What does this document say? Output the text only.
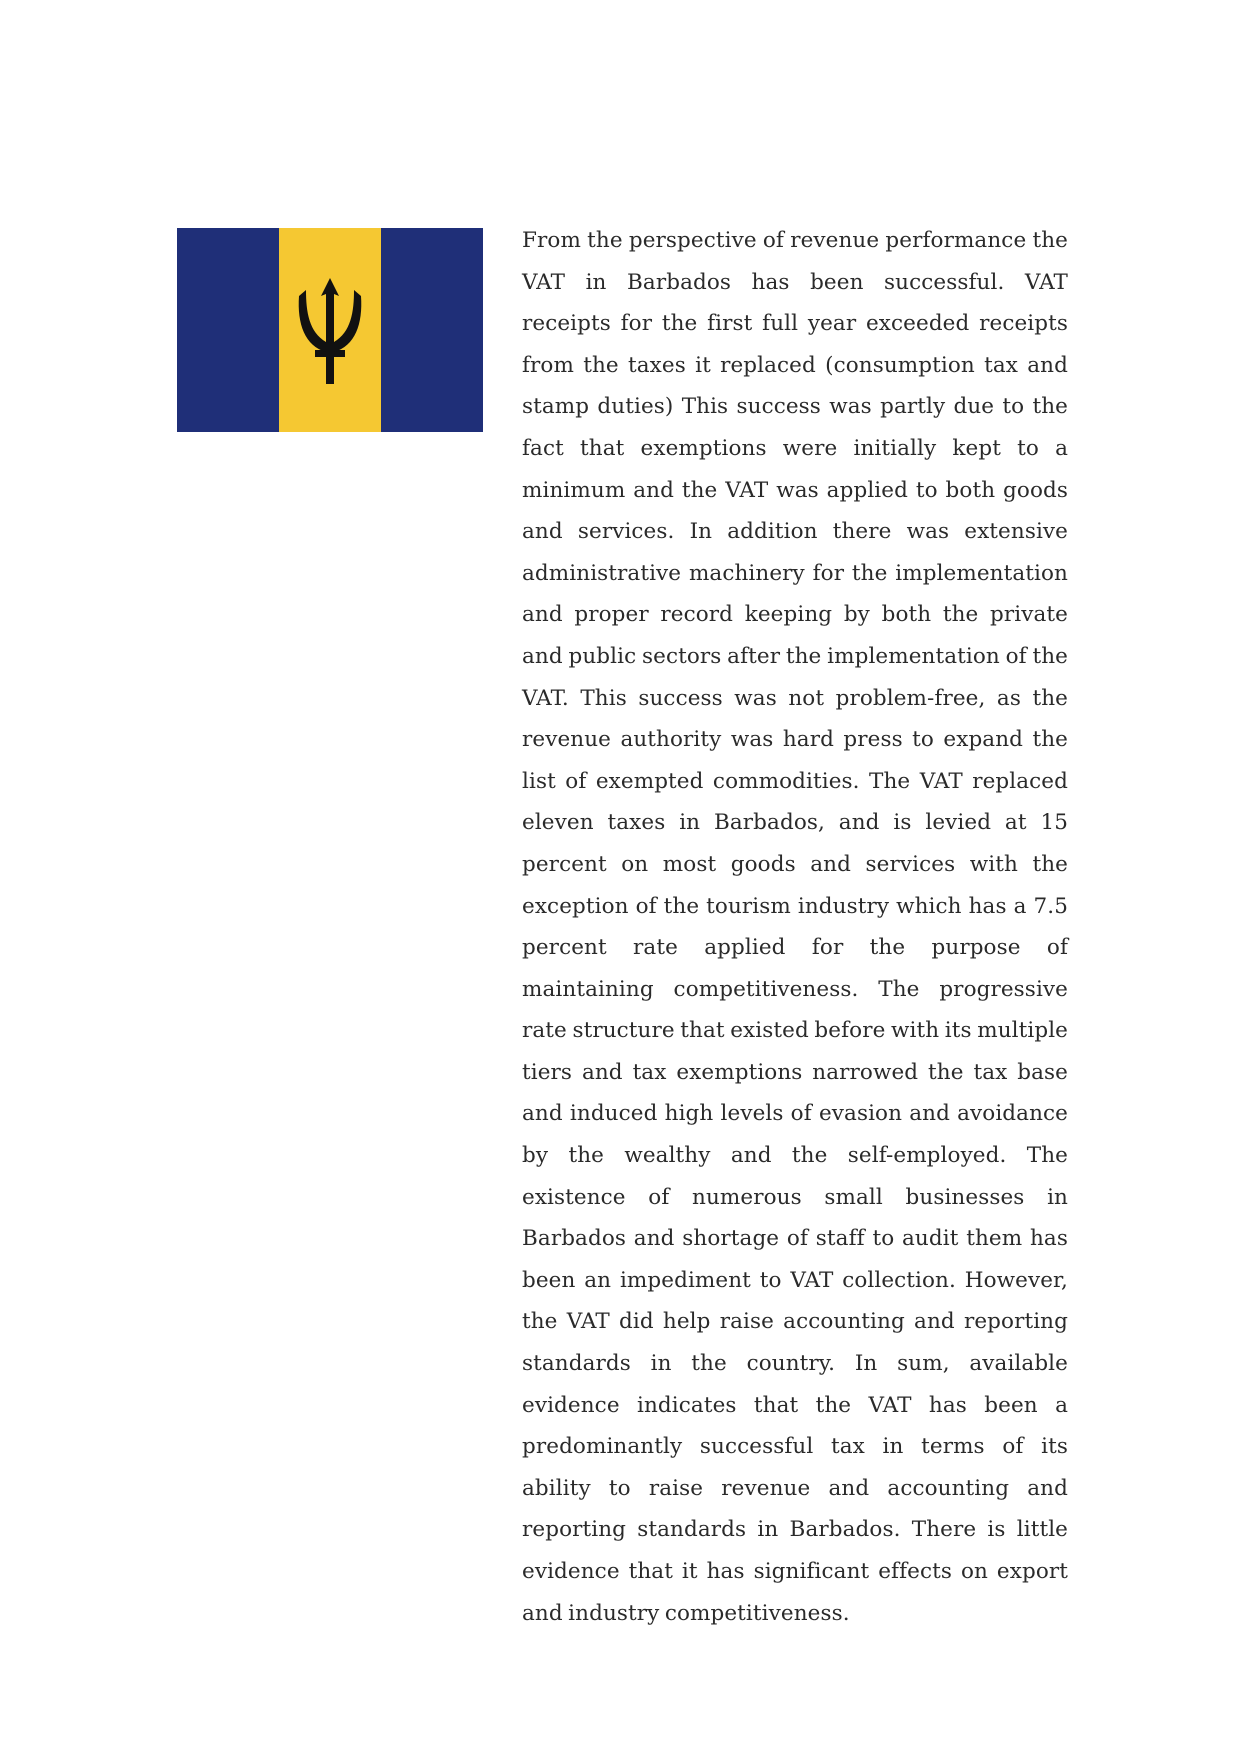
From the perspective of revenue performance the VAT in Barbados has been successful. VAT receipts for the first full year exceeded receipts from the taxes it replaced (consumption tax and stamp duties) This success was partly due to the fact that exemptions were initially kept to a minimum and the VAT was applied to both goods and services. In addition there was extensive administrative machinery for the implementation and proper record keeping by both the private and public sectors after the implementation of the VAT. This success was not problem-free, as the revenue authority was hard press to expand the list of exempted commodities. The VAT replaced eleven taxes in Barbados, and is levied at 15 percent on most goods and services with the exception of the tourism industry which has a 7.5 percent rate applied for the purpose of maintaining competitiveness. The progressive rate structure that existed before with its multiple tiers and tax exemptions narrowed the tax base and induced high levels of evasion and avoidance by the wealthy and the self-employed. The existence of numerous small businesses in Barbados and shortage of staff to audit them has been an impediment to VAT collection. However, the VAT did help raise accounting and reporting standards in the country. In sum, available evidence indicates that the VAT has been a predominantly successful tax in terms of its ability to raise revenue and accounting and reporting standards in Barbados. There is little evidence that it has significant effects on export and industry competitiveness.
